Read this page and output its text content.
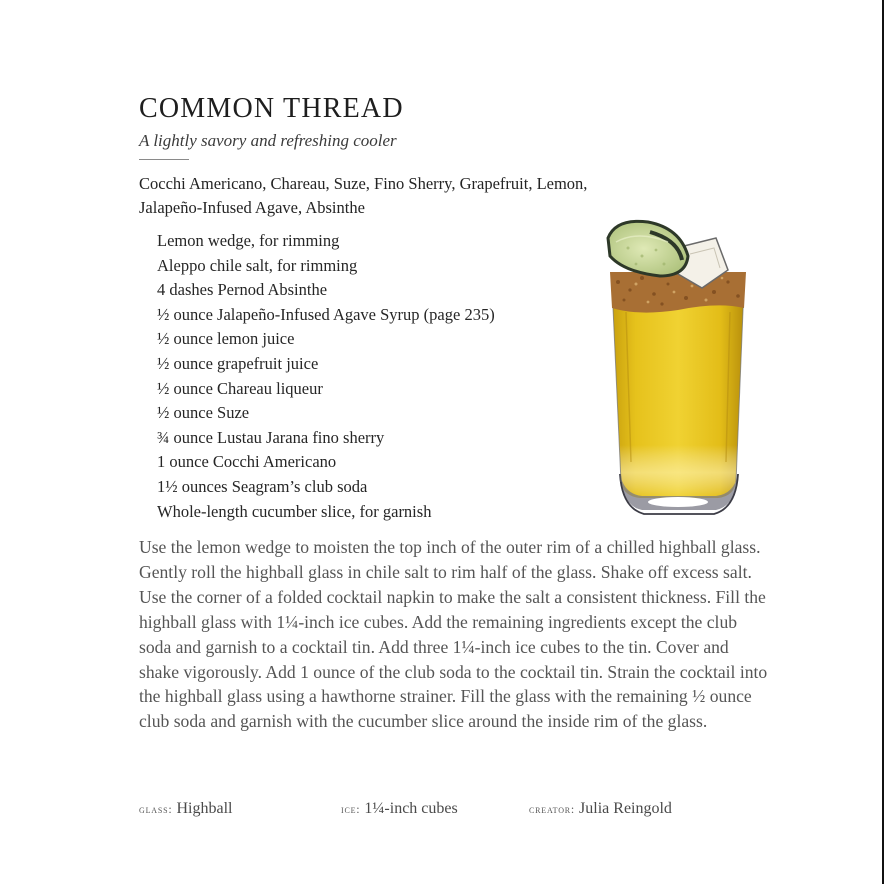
COMMON THREAD
A lightly savory and refreshing cooler
Cocchi Americano, Chareau, Suze, Fino Sherry, Grapefruit, Lemon, Jalapeño-Infused Agave, Absinthe
Lemon wedge, for rimming
Aleppo chile salt, for rimming
4 dashes Pernod Absinthe
½ ounce Jalapeño-Infused Agave Syrup (page 235)
½ ounce lemon juice
½ ounce grapefruit juice
½ ounce Chareau liqueur
½ ounce Suze
¾ ounce Lustau Jarana fino sherry
1 ounce Cocchi Americano
1½ ounces Seagram’s club soda
Whole-length cucumber slice, for garnish

Use the lemon wedge to moisten the top inch of the outer rim of a chilled highball glass. Gently roll the highball glass in chile salt to rim half of the glass. Shake off excess salt. Use the corner of a folded cocktail napkin to make the salt a consistent thickness. Fill the highball glass with 1¼-inch ice cubes. Add the remaining ingredients except the club soda and garnish to a cocktail tin. Add three 1¼-inch ice cubes to the tin. Cover and shake vigorously. Add 1 ounce of the club soda to the cocktail tin. Strain the cocktail into the highball glass using a hawthorne strainer. Fill the glass with the remaining ½ ounce club soda and garnish with the cucumber slice around the inside rim of the glass.

glass: Highball	ice: 1¼-inch cubes	creator: Julia Reingold
